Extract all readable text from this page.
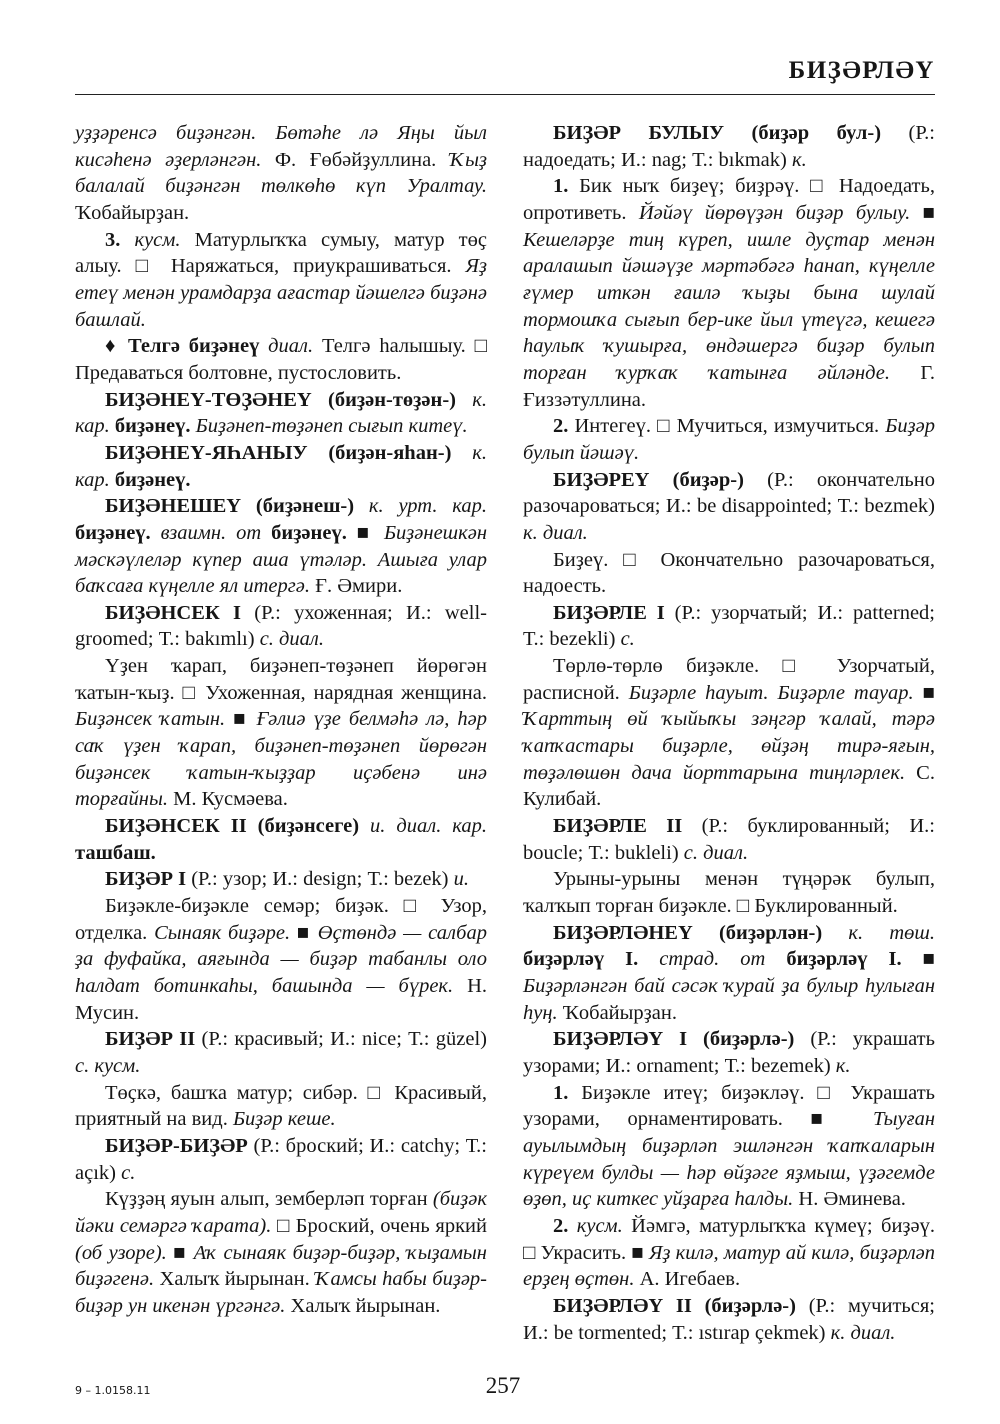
БИҘӘРЛӘҮ

уҙҙәренсә биҙәнгән. Бөтәһе лә Яңы йыл кисәһенә әҙерләнгән. Ф. Ғөбәйҙуллина. Ҡыҙ балалай биҙәнгән төлкөһө күп Уралтау. Ҡобайырҙан.

3. кусм. Матурлыҡҡа сумыу, матур төҫ алыу. □ Наряжаться, приукрашиваться. Яҙ етеү менән урамдарҙа ағастар йәшелгә биҙәнә башлай.

♦ Телгә биҙәнеү диал. Телгә һалышыу. □ Предаваться болтовне, пустословить.

БИҘӘНЕҮ-ТӨҘӘНЕҮ (биҙән-төҙән-) к. кар. биҙәнеү. Биҙәнеп-төҙәнеп сығып китеү.

БИҘӘНЕҮ-ЯҺАНЫУ (биҙән-яһан-) к. кар. биҙәнеү.

БИҘӘНЕШЕҮ (биҙәнеш-) к. урт. кар. биҙәнеү. взаимн. от биҙәнеү. ■ Биҙәнешкән мәскәүлеләр күпер аша үтәләр. Ашыға улар баҡсаға күңелле ял итергә. Ғ. Әмири.

БИҘӘНСЕК I (Р.: ухоженная; И.: well-groomed; Т.: bakımlı) с. диал.

Үҙен ҡарап, биҙәнеп-төҙәнеп йөрөгән ҡатын-ҡыҙ. □ Ухоженная, нарядная женщина. Биҙәнсек ҡатын. ■ Ғәлиә үҙе белмәһә лә, һәр саҡ үҙен ҡарап, биҙәнеп-төҙәнеп йөрөгән биҙәнсек ҡатын-ҡыҙҙар иҫәбенә инә торғайны. М. Кусмәева.

БИҘӘНСЕК II (биҙәнсеге) и. диал. кар. ташбаш.

БИҘӘР I (Р.: узор; И.: design; Т.: bezek) и.

Биҙәкле-биҙәкле семәр; биҙәк. □ Узор, отделка. Сынаяк биҙәре. ■ Өҫтөндә — салбар ҙа фуфайка, аяғында — биҙәр табанлы оло һалдат ботинкаһы, башында — бүрек. Н. Мусин.

БИҘӘР II (Р.: красивый; И.: nice; Т.: güzel) с. кусм.

Төҫкә, башҡа матур; сибәр. □ Красивый, приятный на вид. Биҙәр кеше.

БИҘӘР-БИҘӘР (Р.: броский; И.: catchy; Т.: açık) с.

Күҙҙәң яуын алып, земберләп торған (биҙәк йәки семәргә ҡарата). □ Броский, очень яркий (об узоре). ■ Аҡ сынаяк биҙәр-биҙәр, ҡыҙамын биҙәгенә. Халыҡ йырынан. Ҡамсы һабы биҙәр-биҙәр ун икенән үргәнгә. Халыҡ йырынан.

БИҘӘР БУЛЫУ (биҙәр бул-) (Р.: надоедать; И.: nag; Т.: bıkmak) к.

1. Бик ныҡ биҙеү; биҙрәү. □ Надоедать, опротиветь. Йәйәү йөрөүҙән биҙәр булыу. ■ Кешеләрҙе тиң күреп, ишле дуҫтар менән аралашып йәшәүҙе мәртәбәгә һанап, күңелле ғүмер иткән ғаилә ҡыҙы бына шулай тормошҡа сығып бер-ике йыл үтеүгә, кешегә һаулыҡ ҡушырға, өндәшергә биҙәр булып торған ҡурҡаҡ ҡатынға әйләнде. Г. Ғиззәтуллина.

2. Интегеү. □ Мучиться, измучиться. Биҙәр булып йәшәү.

БИҘӘРЕҮ (биҙәр-) (Р.: окончательно разочароваться; И.: be disappointed; Т.: bezmek) к. диал.

Биҙеү. □ Окончательно разочароваться, надоесть.

БИҘӘРЛЕ I (Р.: узорчатый; И.: patterned; Т.: bezekli) с.

Төрлө-төрлө биҙәкле. □ Узорчатый, расписной. Биҙәрле һауыт. Биҙәрле тауар. ■ Ҡарттың өй ҡыйыҡы зәңгәр ҡалай, тәрә ҡапҡастары биҙәрле, өйҙәң тирә-яғын, төҙәлөшөн дача йорттарына тиңләрлек. С. Кулибай.

БИҘӘРЛЕ II (Р.: буклированный; И.: boucle; Т.: bukleli) с. диал.

Урыны-урыны менән түңәрәк булып, ҡалҡып торған биҙәкле. □ Буклированный.

БИҘӘРЛӘНЕҮ (биҙәрлән-) к. төш. биҙәрләү I. страд. от биҙәрләү I. ■ Биҙәрләнгән бай сәсәк ҡурай ҙа булыр һулыған һуң. Ҡобайырҙан.

БИҘӘРЛӘҮ I (биҙәрлә-) (Р.: украшать узорами; И.: ornament; Т.: bezemek) к.

1. Биҙәкле итеү; биҙәкләү. □ Украшать узорами, орнаментировать. ■ Тыуған ауылымдың биҙәрләп эшләнгән ҡапҡаларын күреүем булды — һәр өйҙәге яҙмыш, үҙәгемде өҙөп, иҫ киткес уйҙарға һалды. Н. Әминева.

2. кусм. Йәмгә, матурлыҡҡа күмеү; биҙәү. □ Украсить. ■ Яҙ килә, матур ай килә, биҙәрләп ерҙең өҫтөн. А. Игебаев.

БИҘӘРЛӘҮ II (биҙәрлә-) (Р.: мучиться; И.: be tormented; Т.: ıstırap çekmek) к. диал.

9 – 1.0158.11	257
